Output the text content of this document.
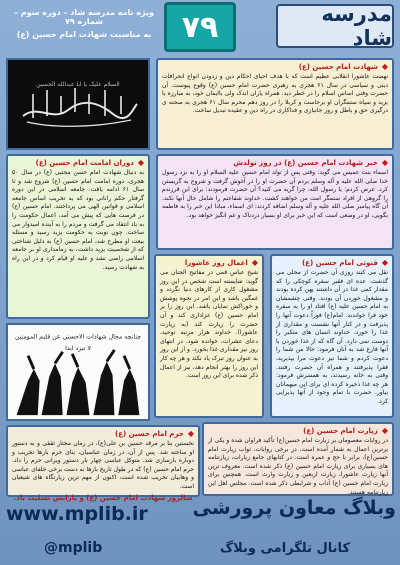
مدرسه شاد
۷۹
ویژه نامه مدرسه شاد – دوره سوم – شماره ۷۹
به مناسبت شهادت امام حسین (ع)
السلام علیک یا ابا عبدالله الحسین
◆شهادت امام حسین (ع)
نهضت عاشورا انقلابی عظیم است که با هدف احیای احکام دین و زدودن انواع انحرافات دینی و سیاسی در سال ۶۱ هجری به رهبری حضرت امام حسین (ع) وقوع پیوست. آن حضرت وقتی اساس اسلام را در خطر دید، همراه یاران اندک ولی باایمان خود، به مبارزه با یزید و سپاه ستمگران او برخاست و کربلا را در روز دهم محرم سال ۶۱ هجری به صحنه ی درگیری حق و باطل و روز جانبازی و فداکاری در راه دین و عقیده تبدیل ساخت.
◆دوران امامت امام حسین (ع)
به دنبال شهادت امام حسن مجتبی (ع) در سال ۵۰ هجری، دوره امامت امام حسین (ع) شروع شد و تا سال ۶۱ ادامه یافت. جامعه اسلامی در این دوره گرفتار حکم رانانی بود که به تخریب اساس جامعه اسلامی و قوانین الهی می پرداختند. امام حسین (ع) در فرصت هایی که پیش می آمد، اعمال حکومت را به باد انتقاد می گرفت و مردم را به آینده امیدوار می ساخت. چون نوبت به حکومت یزید رسید و مسئله بیعت او مطرح شد، امام حسین (ع) به دلیل شناختی که از شخصیت یزید داشت، به زمامداری او بر جامعه اسلامی راضی نشد و علیه او قیام کرد و در این راه به شهادت رسید.
◆خبر شهادت امام حسین (ع) در روز تولدش
اسماء بنت عمیس می گوید: وقتی پس از تولد امام حسین علیه السلام او را به نزد رسول خدا صلی الله علیه و آله وسلم بردم آن حضرت او را در آغوش گرفت و شروع به گریستن کرد. عرض کردم: یا رسول الله، چرا گریه می کنید؟ آن حضرت فرمودند: برای این فرزندم را گروهی از افراد ستمگر امت من خواهند کشت. خداوند شفاعتم را شامل حال آنها نکند. آن گاه پیامبر صلی الله علیه و آله وسلم اضافه کردند: ای اسماء، مبادا این خبر را به فاطمه بگویی، او در وضعی است که این خبر برای او بسیار دردناک و غم انگیز خواهد بود.
◆اعمال روز عاشورا
شیخ عباس قمی در مفاتیح الجنان می گوید: شایسته است شخص در این روز مشغول کاری از کارهای دنیا نگردد و غمگین باشد و این امر در نحوه پوشش و خوراکش نمایان باشد. این روز را بر امام حسین (ع) عزاداری کند و آن حضرت را زیارت کند (به زیارت عاشورا). خداوند هزار مرتبه توحید، دعای عشرات، خوانده شود. در انتهای روز نیز مقداری غذا بخورد. و از این روز به عنوان روز تبرک یاد نکند و هر چه کار این روز را بهتر انجام دهد، نیز از اعمال ذکر شده برای این روز است.
◆قنوتی امام حسین (ع)
نقل می کنند روزی آن حضرت از محلی می گذشت. عده ای فقیر سفره کوچکی را که مقدار کمی غذا در آن داشتند پهن کرده بودند و مشغول خوردن آن بودند. وقتی چشمشان به امام حسین علیه (ع) افتاد او را به سفره خود فرا خواندند. امام(ع) فوراً دعوت آنها را پذیرفت و در کنار آنها نشست و مقداری از غذا را خورد. خداوند انسان های متکبر را دوست نمی دارد. آن گاه که از غذا خوردن با آنها فارغ شد به آنان فرمود: حالا من شما را دعوت کردم و شما نیز دعوت مرا بپذیرید، فقرا پذیرفتند و همراه آن حضرت رفتند. وقتی به خانه رسیدند، به همسرش فرمود: هر چه غذا ذخیره کرده ای برای این میهمانان بیاور. حضرت با تمام وجود از آنها پذیرایی کرد.
چنانچه مجال شهادات الاحسنی عن قلبم المومنین
لا تبرد ابدا
◆حرم امام حسین (ع)
نخستین بنا بر مرقد حسین بن علی(ع)، در زمان مختار ثقفی و به دستور او ساخته شد. پس از آن، در زمان عباسیان، بنای حرم بارها تخریب و دوباره بازسازی شد. متوکل عباسی چهار بار دستور ویرانی حرم را داد. حرم امام حسین (ع) که در طول تاریخ بارها به دست برخی خلفای عباسی و وهابیان تخریب شده است، اکنون از مهم ترین زیارتگاه های شیعیان است.
سالروز شهادت امام حسین (ع) و یارانش تسلیت باد.
◆زیارت امام حسین (ع)
در روایات معصومان بر زیارت امام حسین(ع) تأکید فراوان شده و یکی از برترین اعمال به شمار آمده است. در برخی روایات، ثواب زیارت امام حسین(ع)، برابر با حج و عمره است. در کتابهای جامع زیارات، زیارتنامه های بسیاری برای زیارت امام حسین (ع) ذکر شده است. معروف ترین آنها زیارت عاشورا، زیارت اربعین و زیارت وارث است. همچنین برای زیارت امام حسین (ع) آداب و شرایطی ذکر شده است. مجلس اهل این زیارتنامه هستند.
www.mplib.ir وبلاگ معاون پرورشی
@mplib	کانال تلگرامی وبلاگ
